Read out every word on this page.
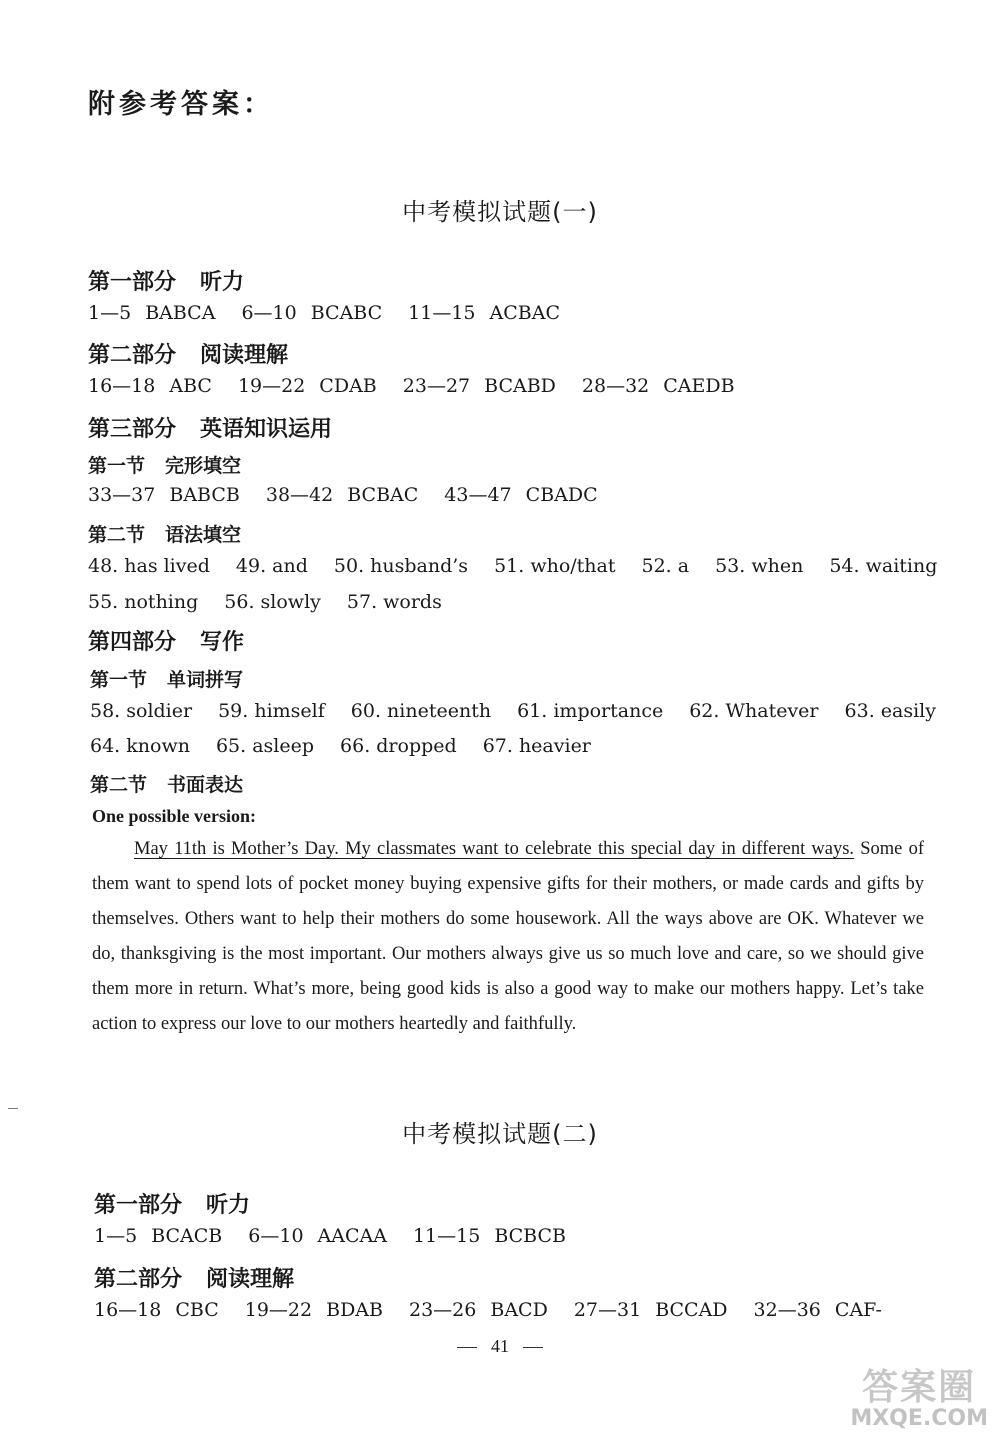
附参考答案：
中考模拟试题(一)
第一部分 听力
1—5 BABCA 6—10 BCABC 11—15 ACBAC
第二部分 阅读理解
16—18 ABC 19—22 CDAB 23—27 BCABD 28—32 CAEDB
第三部分 英语知识运用
第一节 完形填空
33—37 BABCB 38—42 BCBAC 43—47 CBADC
第二节 语法填空
48. has lived 49. and 50. husband’s 51. who/that 52. a 53. when 54. waiting
55. nothing 56. slowly 57. words
第四部分 写作
第一节 单词拼写
58. soldier 59. himself 60. nineteenth 61. importance 62. Whatever 63. easily
64. known 65. asleep 66. dropped 67. heavier
第二节 书面表达
One possible version:

May 11th is Mother’s Day. My classmates want to celebrate this special day in different ways. Some of them want to spend lots of pocket money buying expensive gifts for their mothers, or made cards and gifts by themselves. Others want to help their mothers do some housework. All the ways above are OK. Whatever we do, thanksgiving is the most important. Our mothers always give us so much love and care, so we should give them more in return. What’s more, being good kids is also a good way to make our mothers happy. Let’s take action to express our love to our mothers heartedly and faithfully.

中考模拟试题(二)
第一部分 听力
1—5 BCACB 6—10 AACAA 11—15 BCBCB
第二部分 阅读理解
16—18 CBC 19—22 BDAB 23—26 BACD 27—31 BCCAD 32—36 CAF-
41
答案圈
MXQE.COM
